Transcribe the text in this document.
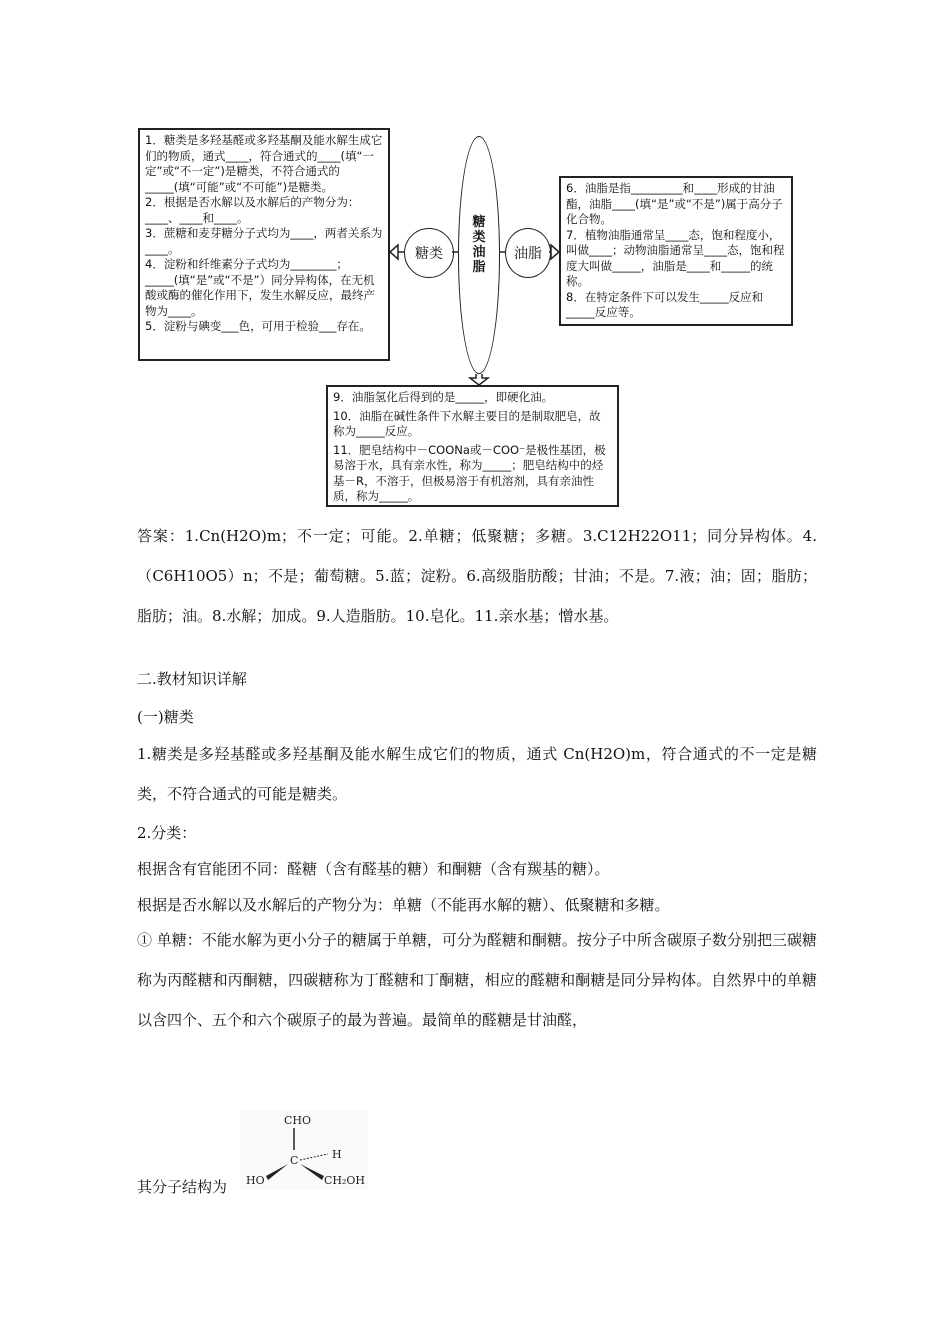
1．糖类是多羟基醛或多羟基酮及能水解生成它们的物质，通式____，符合通式的____(填“一定”或“不一定”)是糖类，不符合通式的_____(填“可能”或“不可能”)是糖类。

2．根据是否水解以及水解后的产物分为：____、____和____。

3．蔗糖和麦芽糖分子式均为____，两者关系为____。

4．淀粉和纤维素分子式均为________；_____(填“是”或“不是”）同分异构体，在无机酸或酶的催化作用下，发生水解反应，最终产物为____。

5．淀粉与碘变___色，可用于检验___存在。

6．油脂是指_________和____形成的甘油酯，油脂____(填“是”或“不是”)属于高分子化合物。

7．植物油脂通常呈____态，饱和程度小，叫做____；动物油脂通常呈____态，饱和程度大叫做_____，油脂是____和_____的统称。

8．在特定条件下可以发生_____反应和_____反应等。

9．油脂氢化后得到的是_____，即硬化油。

10．油脂在碱性条件下水解主要目的是制取肥皂，故称为_____反应。

11．肥皂结构中－COONa或－COO⁻是极性基团，极易溶于水，具有亲水性，称为_____；肥皂结构中的烃基－R，不溶于，但极易溶于有机溶剂，具有亲油性质，称为_____。

糖类 油脂
糖类	油脂

答案：1.Cn(H2O)m；不一定；可能。2.单糖；低聚糖；多糖。3.C12H22O11；同分异构体。4.（C6H10O5）n；不是；葡萄糖。5.蓝；淀粉。6.高级脂肪酸；甘油；不是。7.液；油；固；脂肪；脂肪；油。8.水解；加成。9.人造脂肪。10.皂化。11.亲水基；憎水基。

二.教材知识详解

(一)糖类

1.糖类是多羟基醛或多羟基酮及能水解生成它们的物质，通式 Cn(H2O)m，符合通式的不一定是糖类，不符合通式的可能是糖类。

2.分类：

根据含有官能团不同：醛糖（含有醛基的糖）和酮糖（含有羰基的糖）。

根据是否水解以及水解后的产物分为：单糖（不能再水解的糖）、低聚糖和多糖。

① 单糖：不能水解为更小分子的糖属于单糖，可分为醛糖和酮糖。按分子中所含碳原子数分别把三碳糖称为丙醛糖和丙酮糖，四碳糖称为丁醛糖和丁酮糖，相应的醛糖和酮糖是同分异构体。自然界中的单糖以含四个、五个和六个碳原子的最为普遍。最简单的醛糖是甘油醛，

其分子结构为

CHO
C	H
HO	CH₂OH
